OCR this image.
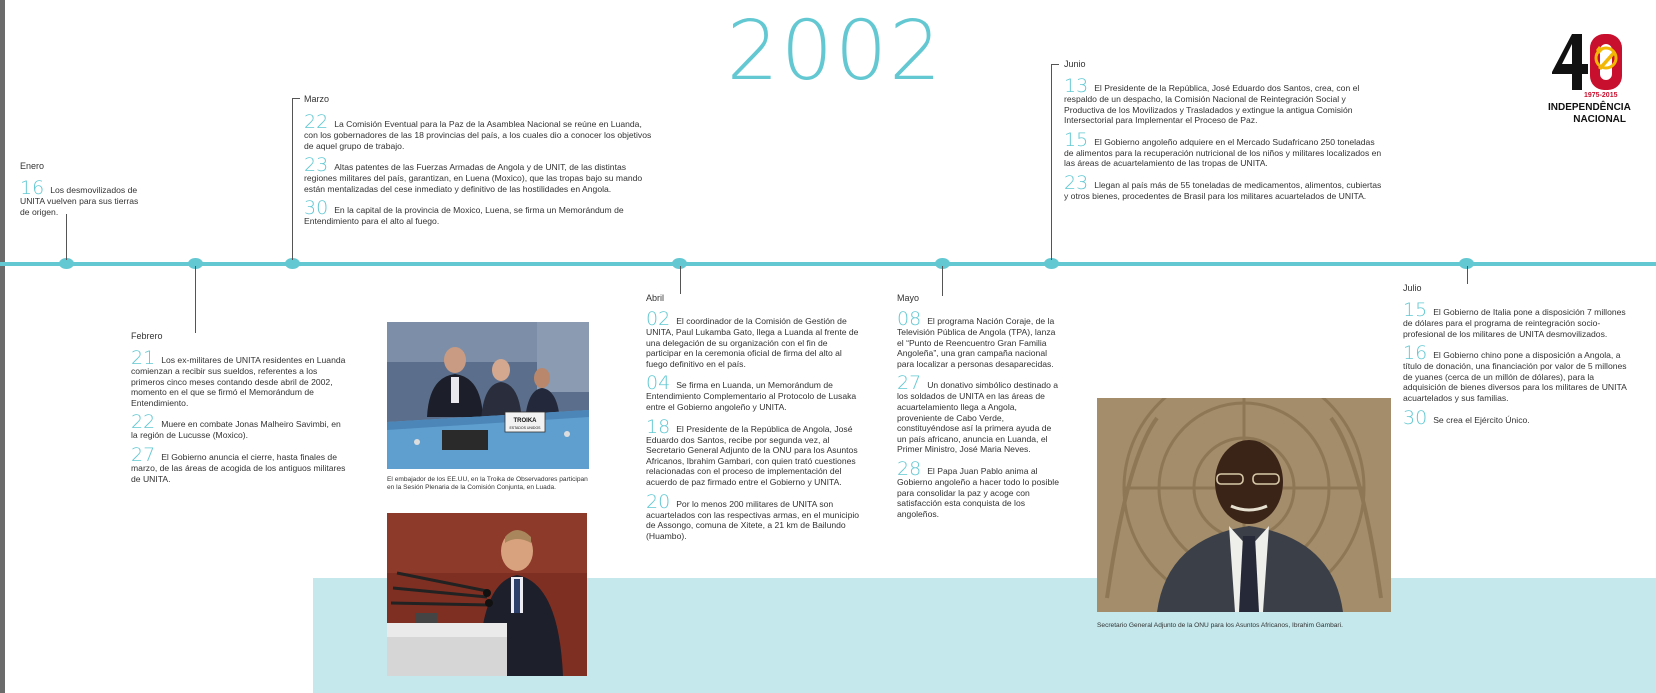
2002	1975-2015
INDEPENDÊNCIA
NACIONAL
Enero
16 Los desmovilizados de UNITA vuelven para sus tierras de origen.
Febrero
21 Los ex-militares de UNITA residentes en Luanda comienzan a recibir sus sueldos, referentes a los primeros cinco meses contando desde abril de 2002, momento en el que se firmó el Memorándum de Entendimiento.
22 Muere en combate Jonas Malheiro Savimbi, en la región de Lucusse (Moxico).
27 El Gobierno anuncia el cierre, hasta finales de marzo, de las áreas de acogida de los antiguos militares de UNITA.
Marzo
22 La Comisión Eventual para la Paz de la Asamblea Nacional se reúne en Luanda, con los gobernadores de las 18 provincias del país, a los cuales dio a conocer los objetivos de aquel grupo de trabajo.
23 Altas patentes de las Fuerzas Armadas de Angola y de UNIT, de las distintas regiones militares del país, garantizan, en Luena (Moxico), que las tropas bajo su mando están mentalizadas del cese inmediato y definitivo de las hostilidades en Angola.
30 En la capital de la provincia de Moxico, Luena, se firma un Memorándum de Entendimiento para el alto al fuego.
Abril
02 El coordinador de la Comisión de Gestión de UNITA, Paul Lukamba Gato, llega a Luanda al frente de una delegación de su organización con el fin de participar en la ceremonia oficial de firma del alto al fuego definitivo en el país.
04 Se firma en Luanda, un Memorándum de Entendimiento Complementario al Protocolo de Lusaka entre el Gobierno angoleño y UNITA.
18 El Presidente de la República de Angola, José Eduardo dos Santos, recibe por segunda vez, al Secretario General Adjunto de la ONU para los Asuntos Africanos, Ibrahim Gambari, con quien trató cuestiones relacionadas con el proceso de implementación del acuerdo de paz firmado entre el Gobierno y UNITA.
20 Por lo menos 200 militares de UNITA son acuartelados con las respectivas armas, en el municipio de Assongo, comuna de Xitete, a 21 km de Bailundo (Huambo).
Mayo
08 El programa Nación Coraje, de la Televisión Pública de Angola (TPA), lanza el “Punto de Reencuentro Gran Familia Angoleña”, una gran campaña nacional para localizar a personas desaparecidas.
27 Un donativo simbólico destinado a los soldados de UNITA en las áreas de acuartelamiento llega a Angola, proveniente de Cabo Verde, constituyéndose así la primera ayuda de un país africano, anuncia en Luanda, el Primer Ministro, José Maria Neves.
28 El Papa Juan Pablo anima al Gobierno angoleño a hacer todo lo posible para consolidar la paz y acoge con satisfacción esta conquista de los angoleños.
Junio
13 El Presidente de la República, José Eduardo dos Santos, crea, con el respaldo de un despacho, la Comisión Nacional de Reintegración Social y Productiva de los Movilizados y Trasladados y extingue la antigua Comisión Intersectorial para Implementar el Proceso de Paz.
15 El Gobierno angoleño adquiere en el Mercado Sudafricano 250 toneladas de alimentos para la recuperación nutricional de los niños y militares localizados en las áreas de acuartelamiento de las tropas de UNITA.
23 Llegan al país más de 55 toneladas de medicamentos, alimentos, cubiertas y otros bienes, procedentes de Brasil para los militares acuartelados de UNITA.
Julio
15 El Gobierno de Italia pone a disposición 7 millones de dólares para el programa de reintegración socio-profesional de los militares de UNITA desmovilizados.
16 El Gobierno chino pone a disposición a Angola, a título de donación, una financiación por valor de 5 millones de yuanes (cerca de un millón de dólares), para la adquisición de bienes diversos para los militares de UNITA acuartelados y sus familias.
30 Se crea el Ejército Único.
TROIKA
ESTADOS UNIDOS
El embajador de los EE.UU, en la Troika de Observadores participan en la Sesión Plenaria de la Comisión Conjunta, en Luada.
Secretario General Adjunto de la ONU para los Asuntos Africanos, Ibrahim Gambari.
